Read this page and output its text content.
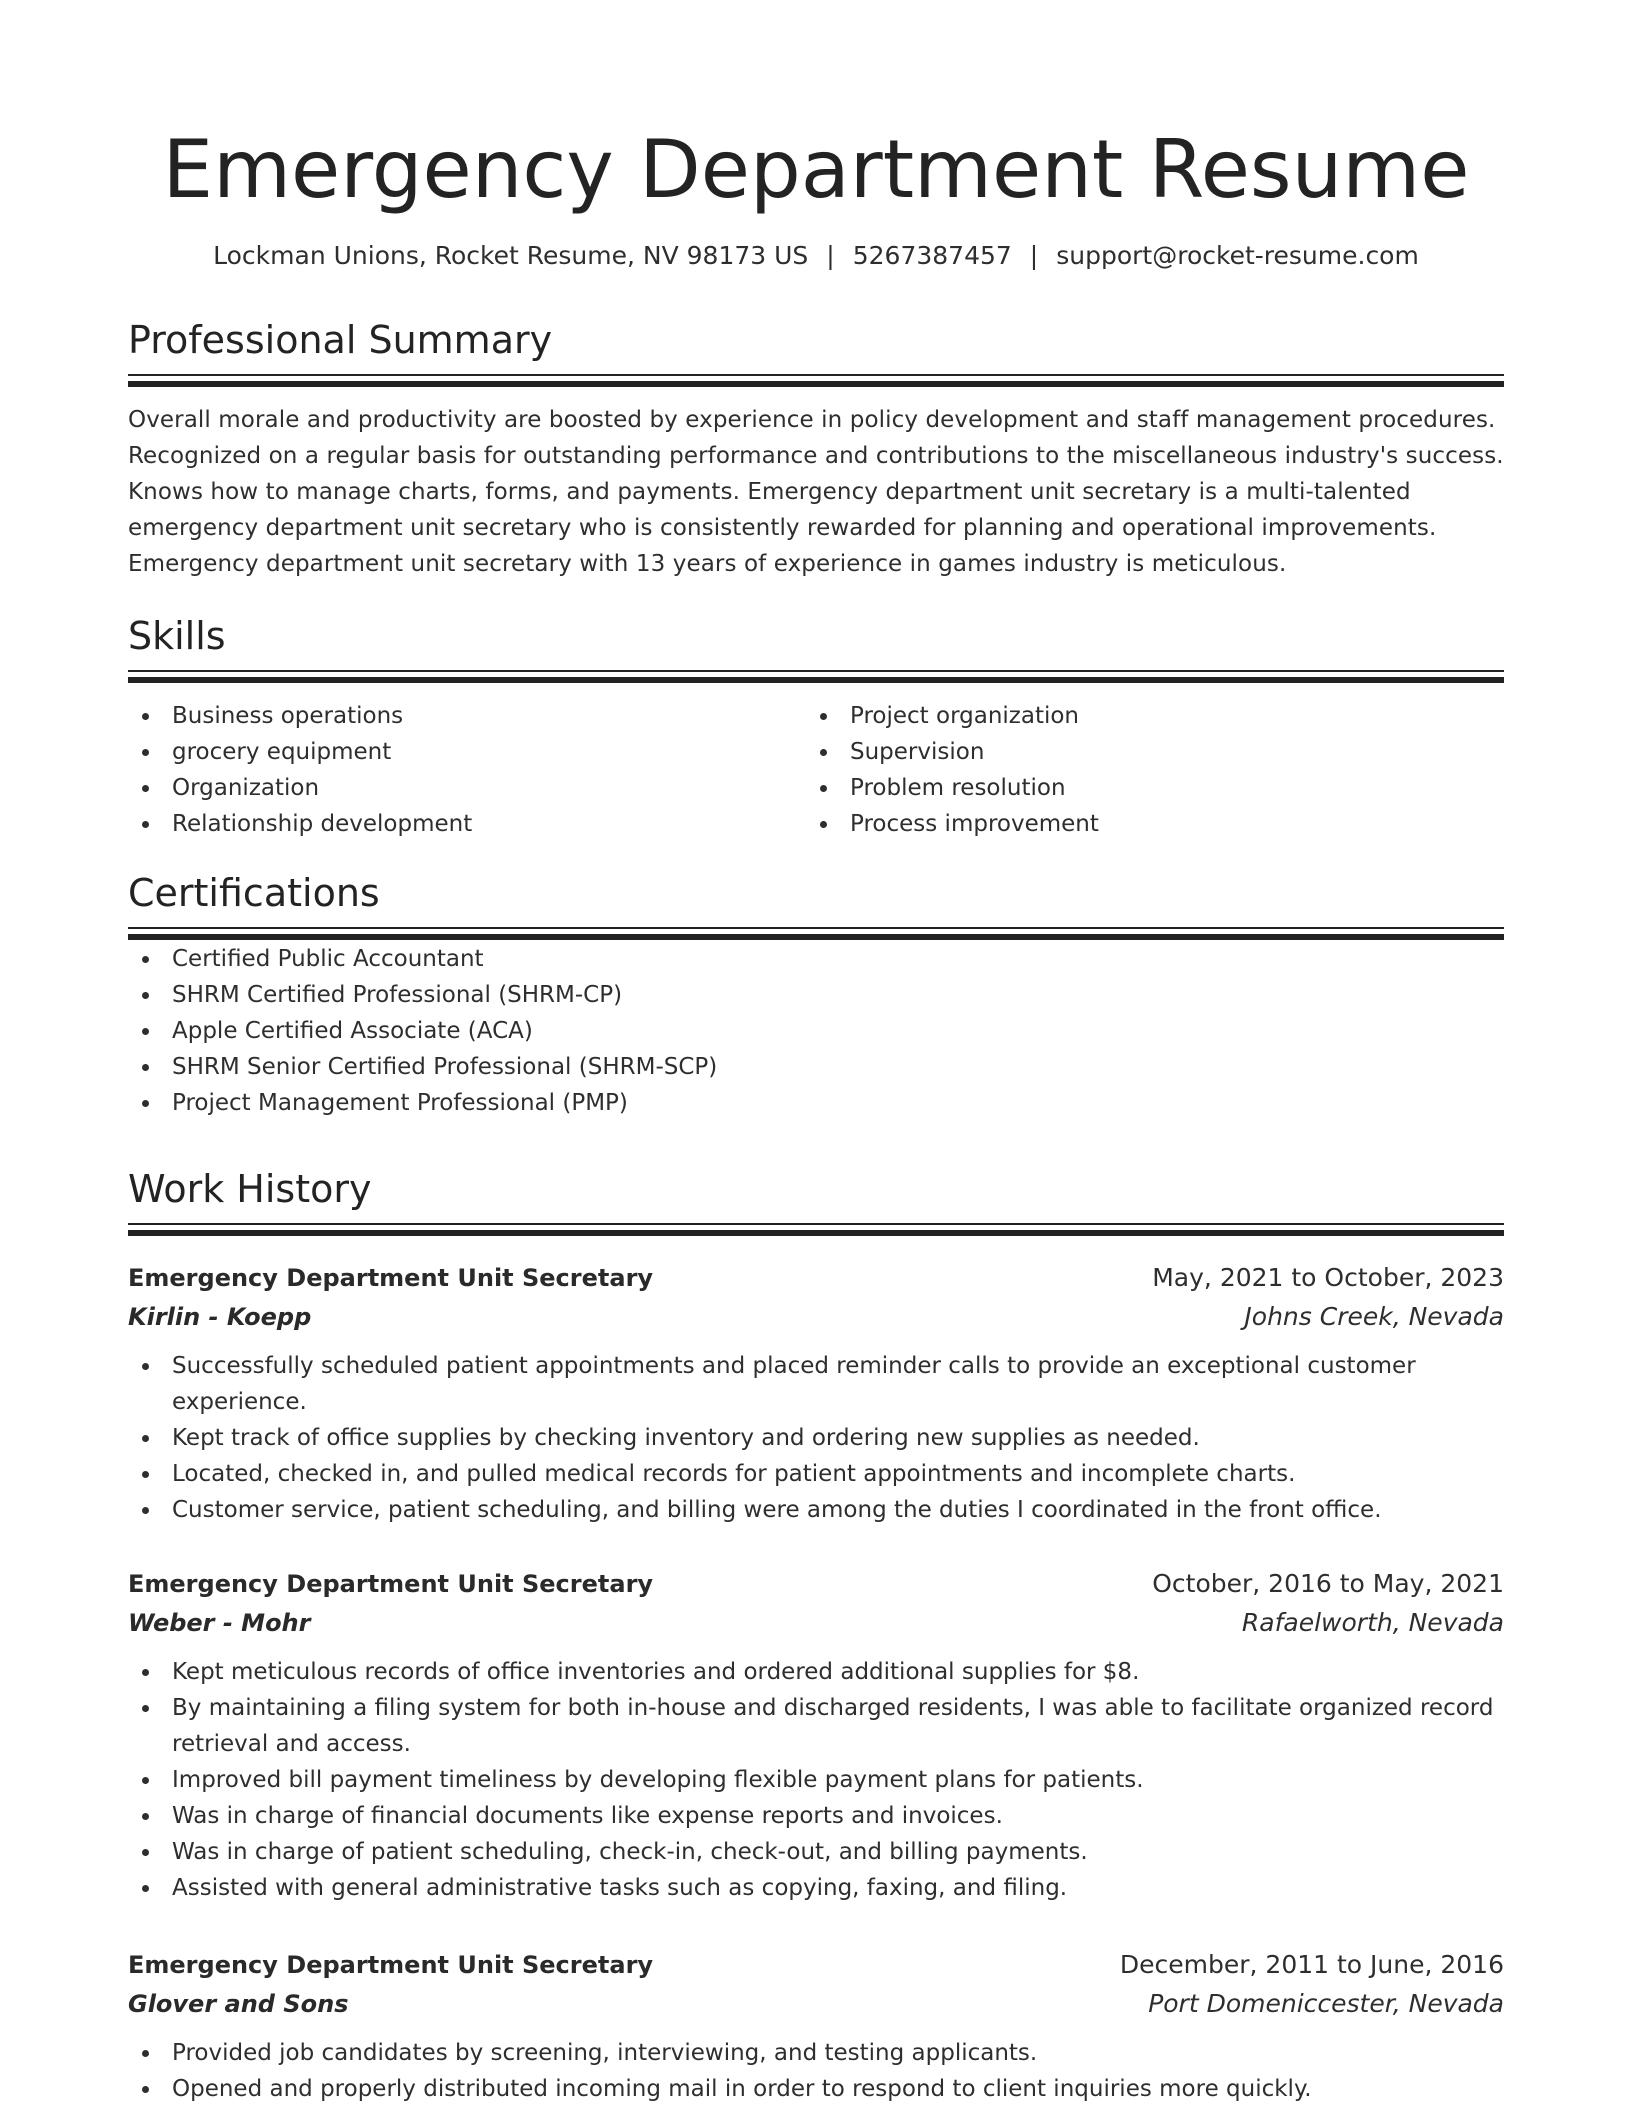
Emergency Department Resume
Lockman Unions, Rocket Resume, NV 98173 US | 5267387457 | support@rocket-resume.com
Professional Summary
Overall morale and productivity are boosted by experience in policy development and staff management procedures.
Recognized on a regular basis for outstanding performance and contributions to the miscellaneous industry's success.
Knows how to manage charts, forms, and payments. Emergency department unit secretary is a multi-talented
emergency department unit secretary who is consistently rewarded for planning and operational improvements.
Emergency department unit secretary with 13 years of experience in games industry is meticulous.
Skills
Business operations
grocery equipment
Organization
Relationship development
Project organization
Supervision
Problem resolution
Process improvement
Certifications
Certified Public Accountant
SHRM Certified Professional (SHRM-CP)
Apple Certified Associate (ACA)
SHRM Senior Certified Professional (SHRM-SCP)
Project Management Professional (PMP)
Work History
Emergency Department Unit Secretary	May, 2021 to October, 2023
Kirlin - Koepp	Johns Creek, Nevada
Successfully scheduled patient appointments and placed reminder calls to provide an exceptional customer experience.
Kept track of office supplies by checking inventory and ordering new supplies as needed.
Located, checked in, and pulled medical records for patient appointments and incomplete charts.
Customer service, patient scheduling, and billing were among the duties I coordinated in the front office.
Emergency Department Unit Secretary	October, 2016 to May, 2021
Weber - Mohr	Rafaelworth, Nevada
Kept meticulous records of office inventories and ordered additional supplies for $8.
By maintaining a filing system for both in-house and discharged residents, I was able to facilitate organized record retrieval and access.
Improved bill payment timeliness by developing flexible payment plans for patients.
Was in charge of financial documents like expense reports and invoices.
Was in charge of patient scheduling, check-in, check-out, and billing payments.
Assisted with general administrative tasks such as copying, faxing, and filing.
Emergency Department Unit Secretary	December, 2011 to June, 2016
Glover and Sons	Port Domeniccester, Nevada
Provided job candidates by screening, interviewing, and testing applicants.
Opened and properly distributed incoming mail in order to respond to client inquiries more quickly.
